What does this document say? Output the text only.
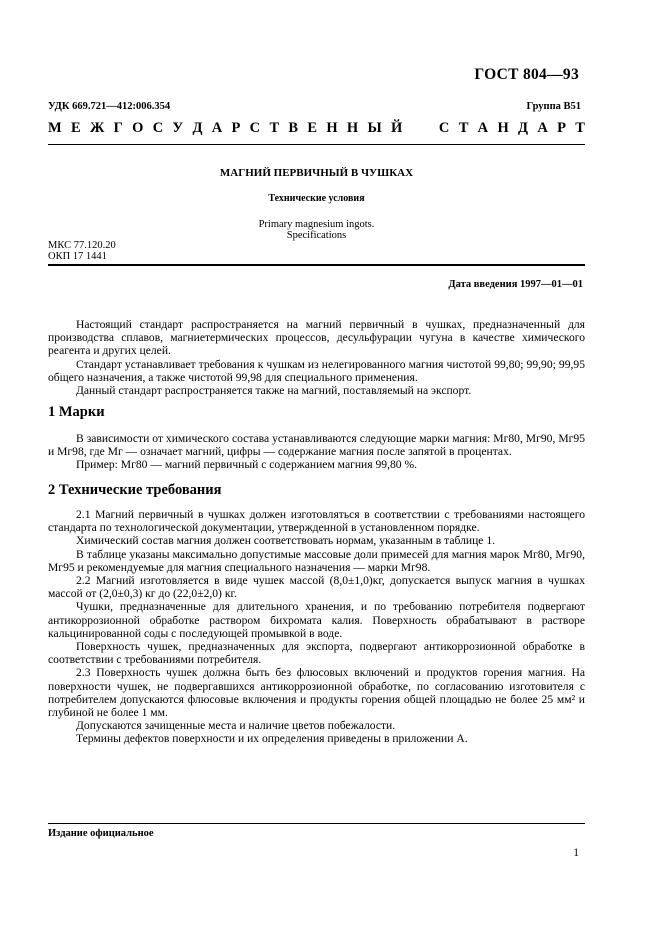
ГОСТ 804—93
УДК 669.721—412:006.354	Группа В51
М Е Ж Г О С У Д А Р С Т В Е Н Н Ы Й	С Т А Н Д А Р Т
МАГНИЙ ПЕРВИЧНЫЙ В ЧУШКАХ
Технические условия
Primary magnesium ingots.
Specifications
МКС 77.120.20
ОКП 17 1441
Дата введения 1997—01—01

Настоящий стандарт распространяется на магний первичный в чушках, предназначенный для производства сплавов, магниетермических процессов, десульфурации чугуна в качестве химического реагента и других целей.

Стандарт устанавливает требования к чушкам из нелегированного магния чистотой 99,80; 99,90; 99,95 общего назначения, а также чистотой 99,98 для специального применения.

Данный стандарт распространяется также на магний, поставляемый на экспорт.

1 Марки

В зависимости от химического состава устанавливаются следующие марки магния: Мг80, Мг90, Мг95 и Мг98, где Мг — означает магний, цифры — содержание магния после запятой в процентах.

Пример: Мг80 — магний первичный с содержанием магния 99,80 %.

2 Технические требования

2.1 Магний первичный в чушках должен изготовляться в соответствии с требованиями настоящего стандарта по технологической документации, утвержденной в установленном порядке.

Химический состав магния должен соответствовать нормам, указанным в таблице 1.

В таблице указаны максимально допустимые массовые доли примесей для магния марок Мг80, Мг90, Мг95 и рекомендуемые для магния специального назначения — марки Мг98.

2.2 Магний изготовляется в виде чушек массой (8,0±1,0)кг, допускается выпуск магния в чушках массой от (2,0±0,3) кг до (22,0±2,0) кг.

Чушки, предназначенные для длительного хранения, и по требованию потребителя подвергают антикоррозионной обработке раствором бихромата калия. Поверхность обрабатывают в растворе кальцинированной соды с последующей промывкой в воде.

Поверхность чушек, предназначенных для экспорта, подвергают антикоррозионной обработке в соответствии с требованиями потребителя.

2.3 Поверхность чушек должна быть без флюсовых включений и продуктов горения магния. На поверхности чушек, не подвергавшихся антикоррозионной обработке, по согласованию изготовителя с потребителем допускаются флюсовые включения и продукты горения общей площадью не более 25 мм² и глубиной не более 1 мм.

Допускаются зачищенные места и наличие цветов побежалости.

Термины дефектов поверхности и их определения приведены в приложении А.

Издание официальное
1
